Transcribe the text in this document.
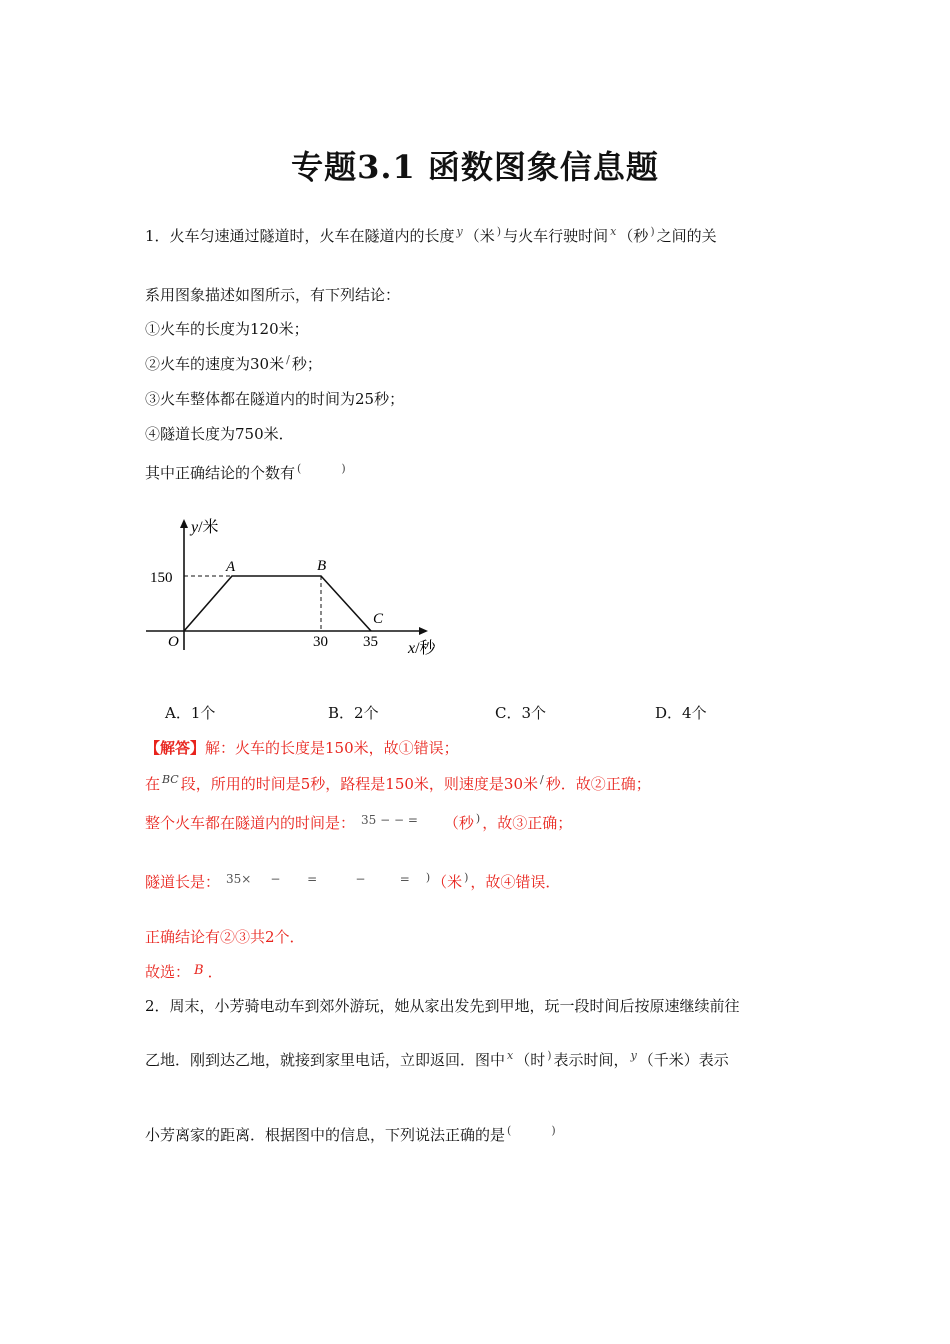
专题3.1 函数图象信息题
1．火车匀速通过隧道时，火车在隧道内的长度 $^y$ （米 ) 与火车行驶时间 $^x$ （秒 ) 之间的关
系用图象描述如图所示，有下列结论：
①火车的长度为120米；
②火车的速度为30米 / 秒；
③火车整体都在隧道内的时间为25秒；
④隧道长度为750米．
其中正确结论的个数有 (	)
y/米
x/秒
O
150
30 35
A	B
C
A．1个	B．2个	C．3个	D．4个
【解答】解：火车的长度是150米，故①错误；
在 $^{BC}$ 段，所用的时间是5秒，路程是150米，则速度是30米 / 秒．故②正确；
整个火车都在隧道内的时间是： $^{35 - - =}$ （秒 ) ，故③正确；
隧道长是： $^{35\times - = - =}$ ) （米 ) ，故④错误．
正确结论有②③共2个．
故选： B ．
2．周末，小芳骑电动车到郊外游玩，她从家出发先到甲地，玩一段时间后按原速继续前往
乙地．刚到达乙地，就接到家里电话，立即返回．图中 $^x$ （时 ) 表示时间， $^y$ （千米）表示
小芳离家的距离．根据图中的信息，下列说法正确的是 (	)
